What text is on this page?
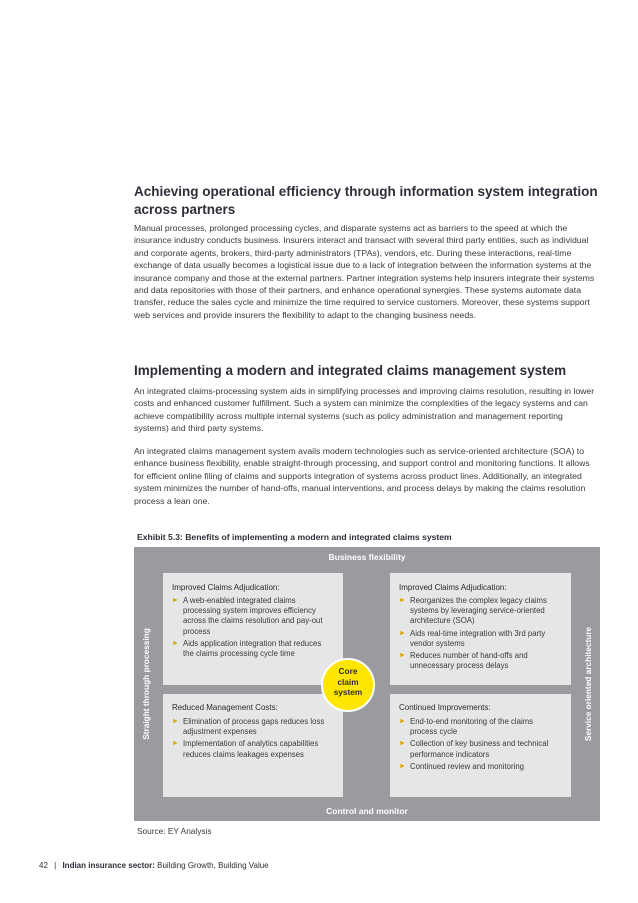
Achieving operational efficiency through information system integration
across partners
Manual processes, prolonged processing cycles, and disparate systems act as barriers to the speed at which the insurance industry conducts business. Insurers interact and transact with several third party entities, such as individual and corporate agents, brokers, third-party administrators (TPAs), vendors, etc. During these interactions, real-time exchange of data usually becomes a logistical issue due to a lack of integration between the information systems at the insurance company and those at the external partners. Partner integration systems help insurers integrate their systems and data repositories with those of their partners, and enhance operational synergies. These systems automate data transfer, reduce the sales cycle and minimize the time required to service customers. Moreover, these systems support web services and provide insurers the flexibility to adapt to the changing business needs.
Implementing a modern and integrated claims management system
An integrated claims-processing system aids in simplifying processes and improving claims resolution, resulting in lower costs and enhanced customer fulfillment. Such a system can minimize the complexities of the legacy systems and can achieve compatibility across multiple internal systems (such as policy administration and management reporting systems) and third party systems.
An integrated claims management system avails modern technologies such as service-oriented architecture (SOA) to enhance business flexibility, enable straight-through processing, and support control and monitoring functions. It allows for efficient online filing of claims and supports integration of systems across product lines. Additionally, an integrated system minimizes the number of hand-offs, manual interventions, and process delays by making the claims resolution process a lean one.
Exhibit 5.3: Benefits of implementing a modern and integrated claims system
Business flexibility
Straight through processing	Service oriented architecture
Improved Claims Adjudication:
► A web-enabled integrated claims processing system improves efficiency across the claims resolution and pay-out process
► Aids application integration that reduces the claims processing cycle time
Improved Claims Adjudication:
► Reorganizes the complex legacy claims systems by leveraging service-oriented architecture (SOA)
► Aids real-time integration with 3rd party vendor systems
► Reduces number of hand-offs and unnecessary process delays
Reduced Management Costs:
► Elimination of process gaps reduces loss adjustment expenses
► Implementation of analytics capabilities reduces claims leakages expenses
Continued Improvements:
► End-to-end monitoring of the claims process cycle
► Collection of key business and technical performance indicators
► Continued review and monitoring
Core
claim
system
Control and monitor
Source: EY Analysis
42 | Indian insurance sector: Building Growth, Building Value
